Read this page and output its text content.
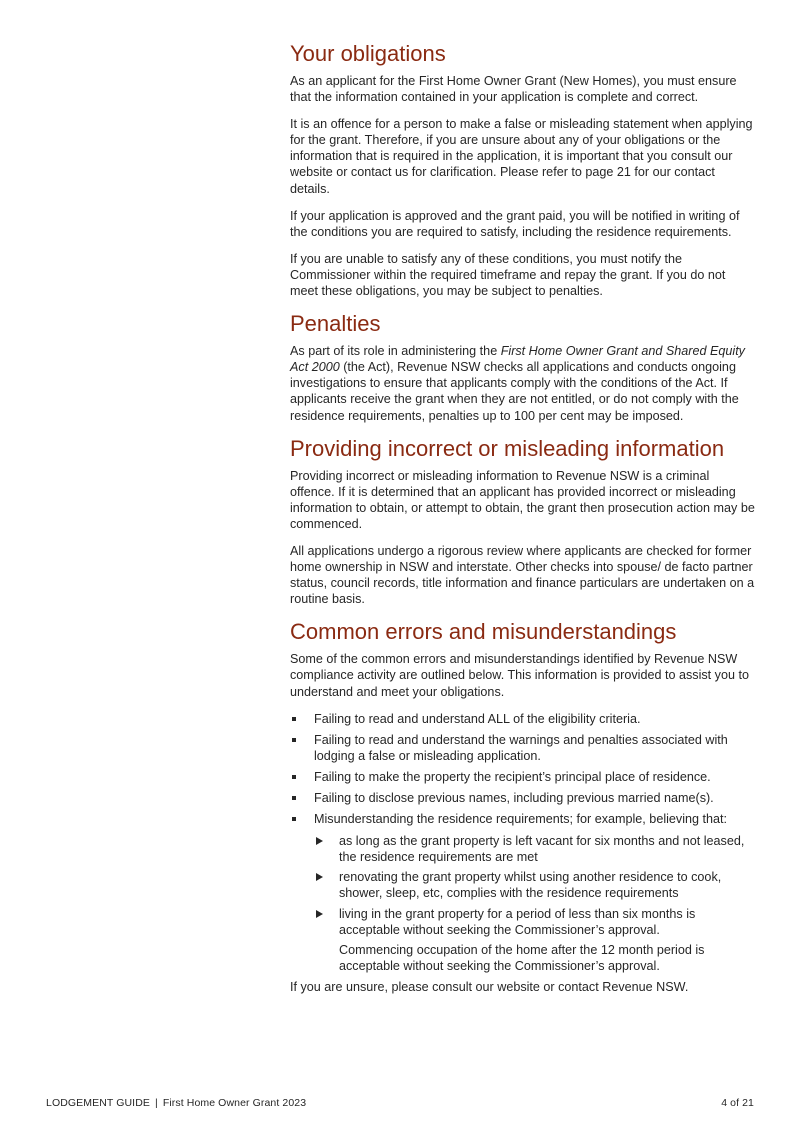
Your obligations

As an applicant for the First Home Owner Grant (New Homes), you must ensure that the information contained in your application is complete and correct.

It is an offence for a person to make a false or misleading statement when applying for the grant. Therefore, if you are unsure about any of your obligations or the information that is required in the application, it is important that you consult our website or contact us for clarification. Please refer to page 21 for our contact details.

If your application is approved and the grant paid, you will be notified in writing of the conditions you are required to satisfy, including the residence requirements.

If you are unable to satisfy any of these conditions, you must notify the Commissioner within the required timeframe and repay the grant. If you do not meet these obligations, you may be subject to penalties.

Penalties

As part of its role in administering the First Home Owner Grant and Shared Equity Act 2000 (the Act), Revenue NSW checks all applications and conducts ongoing investigations to ensure that applicants comply with the conditions of the Act. If applicants receive the grant when they are not entitled, or do not comply with the residence requirements, penalties up to 100 per cent may be imposed.

Providing incorrect or misleading information

Providing incorrect or misleading information to Revenue NSW is a criminal offence. If it is determined that an applicant has provided incorrect or misleading information to obtain, or attempt to obtain, the grant then prosecution action may be commenced.

All applications undergo a rigorous review where applicants are checked for former home ownership in NSW and interstate. Other checks into spouse/ de facto partner status, council records, title information and finance particulars are undertaken on a routine basis.

Common errors and misunderstandings

Some of the common errors and misunderstandings identified by Revenue NSW compliance activity are outlined below. This information is provided to assist you to understand and meet your obligations.

Failing to read and understand ALL of the eligibility criteria.
Failing to read and understand the warnings and penalties associated with lodging a false or misleading application.
Failing to make the property the recipient’s principal place of residence.
Failing to disclose previous names, including previous married name(s).
Misunderstanding the residence requirements; for example, believing that:
as long as the grant property is left vacant for six months and not leased, the residence requirements are met
renovating the grant property whilst using another residence to cook, shower, sleep, etc, complies with the residence requirements
living in the grant property for a period of less than six months is acceptable without seeking the Commissioner’s approval.
Commencing occupation of the home after the 12 month period is acceptable without seeking the Commissioner’s approval.

If you are unsure, please consult our website or contact Revenue NSW.

LODGEMENT GUIDE | First Home Owner Grant 2023	4 of 21
